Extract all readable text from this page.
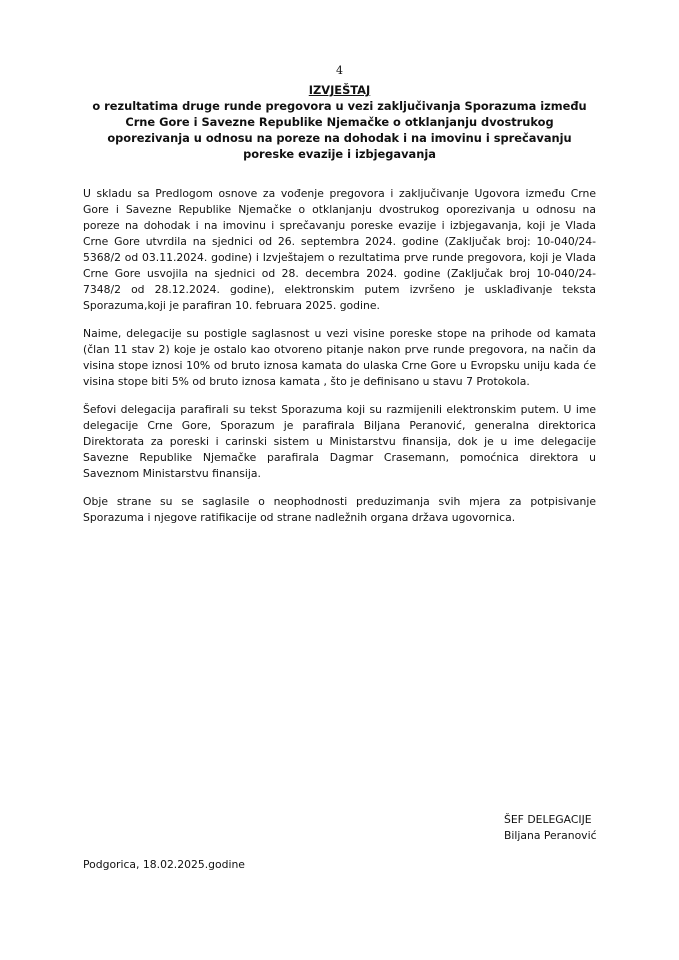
4
IZVJEŠTAJ
o rezultatima druge runde pregovora u vezi zaključivanja Sporazuma između Crne Gore i Savezne Republike Njemačke o otklanjanju dvostrukog oporezivanja u odnosu na poreze na dohodak i na imovinu i sprečavanju poreske evazije i izbjegavanja

U skladu sa Predlogom osnove za vođenje pregovora i zaključivanje Ugovora između Crne Gore i Savezne Republike Njemačke o otklanjanju dvostrukog oporezivanja u odnosu na poreze na dohodak i na imovinu i sprečavanju poreske evazije i izbjegavanja, koji je Vlada Crne Gore utvrdila na sjednici od 26. septembra 2024. godine (Zaključak broj: 10-040/24-5368/2 od 03.11.2024. godine) i Izvještajem o rezultatima prve runde pregovora, koji je Vlada Crne Gore usvojila na sjednici od 28. decembra 2024. godine (Zaključak broj 10-040/24-7348/2 od 28.12.2024. godine), elektronskim putem izvršeno je usklađivanje teksta Sporazuma,koji je parafiran 10. februara 2025. godine.

Naime, delegacije su postigle saglasnost u vezi visine poreske stope na prihode od kamata (član 11 stav 2) koje je ostalo kao otvoreno pitanje nakon prve runde pregovora, na način da visina stope iznosi 10% od bruto iznosa kamata do ulaska Crne Gore u Evropsku uniju kada će visina stope biti 5% od bruto iznosa kamata , što je definisano u stavu 7 Protokola.

Šefovi delegacija parafirali su tekst Sporazuma koji su razmijenili elektronskim putem. U ime delegacije Crne Gore, Sporazum je parafirala Biljana Peranović, generalna direktorica Direktorata za poreski i carinski sistem u Ministarstvu finansija, dok je u ime delegacije Savezne Republike Njemačke parafirala Dagmar Crasemann, pomoćnica direktora u Saveznom Ministarstvu finansija.

Obje strane su se saglasile o neophodnosti preduzimanja svih mjera za potpisivanje Sporazuma i njegove ratifikacije od strane nadležnih organa država ugovornica.

ŠEF DELEGACIJE
Biljana Peranović
Podgorica, 18.02.2025.godine
